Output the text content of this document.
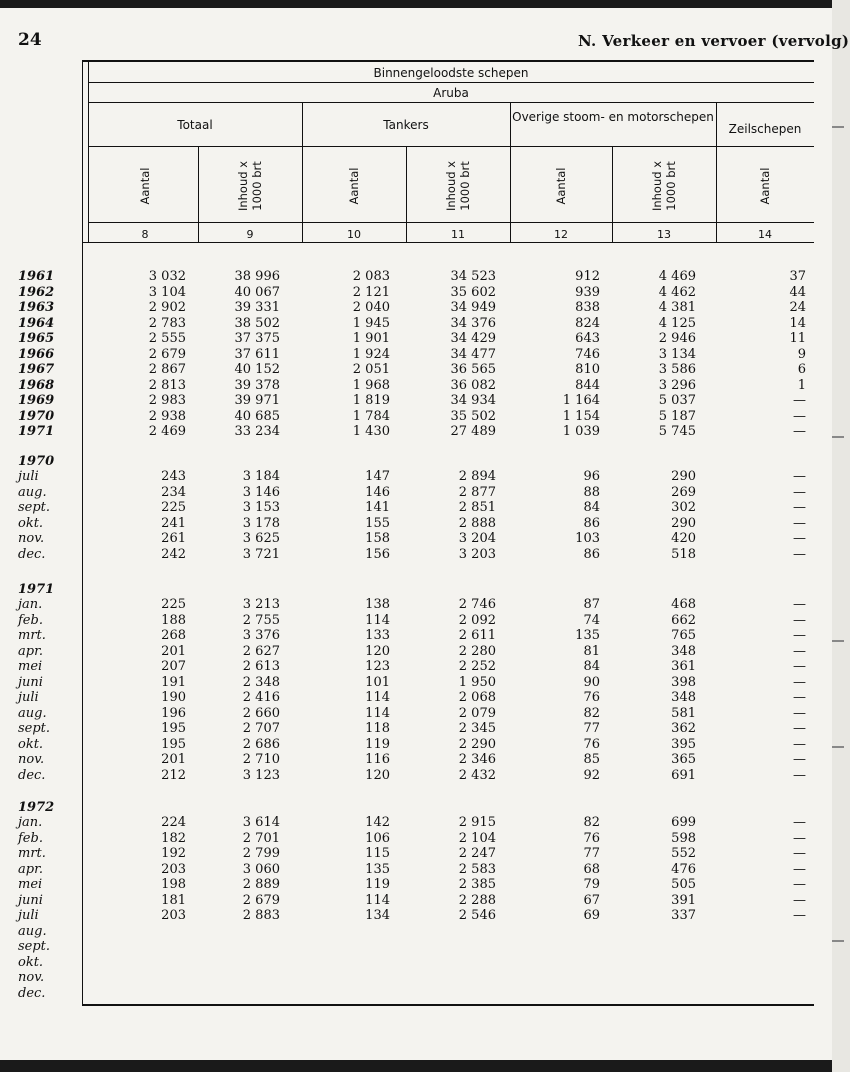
24	N. Verkeer en vervoer (vervolg)
Binnengeloodste schepen
Aruba
Totaal	Tankers
Overige stoom- en motorschepen
Zeilschepen
Aantal	Inhoud x 1000 brt	Aantal	Inhoud x 1000 brt	Aantal	Inhoud x 1000 brt	Aantal
8	9	10	11	12	13	14
1961	3 032	38 996	2 083	34 523	912	4 469	37
1962	3 104	40 067	2 121	35 602	939	4 462	44
1963	2 902	39 331	2 040	34 949	838	4 381	24
1964	2 783	38 502	1 945	34 376	824	4 125	14
1965	2 555	37 375	1 901	34 429	643	2 946	11
1966	2 679	37 611	1 924	34 477	746	3 134	9
1967	2 867	40 152	2 051	36 565	810	3 586	6
1968	2 813	39 378	1 968	36 082	844	3 296	1
1969	2 983	39 971	1 819	34 934	1 164	5 037	—
1970	2 938	40 685	1 784	35 502	1 154	5 187	—
1971	2 469	33 234	1 430	27 489	1 039	5 745	—
1970
juli	243	3 184	147	2 894	96	290	—
aug.	234	3 146	146	2 877	88	269	—
sept.	225	3 153	141	2 851	84	302	—
okt.	241	3 178	155	2 888	86	290	—
nov.	261	3 625	158	3 204	103	420	—
dec.	242	3 721	156	3 203	86	518	—
1971
jan.	225	3 213	138	2 746	87	468	—
feb.	188	2 755	114	2 092	74	662	—
mrt.	268	3 376	133	2 611	135	765	—
apr.	201	2 627	120	2 280	81	348	—
mei	207	2 613	123	2 252	84	361	—
juni	191	2 348	101	1 950	90	398	—
juli	190	2 416	114	2 068	76	348	—
aug.	196	2 660	114	2 079	82	581	—
sept.	195	2 707	118	2 345	77	362	—
okt.	195	2 686	119	2 290	76	395	—
nov.	201	2 710	116	2 346	85	365	—
dec.	212	3 123	120	2 432	92	691	—
1972
jan.	224	3 614	142	2 915	82	699	—
feb.	182	2 701	106	2 104	76	598	—
mrt.	192	2 799	115	2 247	77	552	—
apr.	203	3 060	135	2 583	68	476	—
mei	198	2 889	119	2 385	79	505	—
juni	181	2 679	114	2 288	67	391	—
juli	203	2 883	134	2 546	69	337	—
aug.
sept.
okt.
nov.
dec.
